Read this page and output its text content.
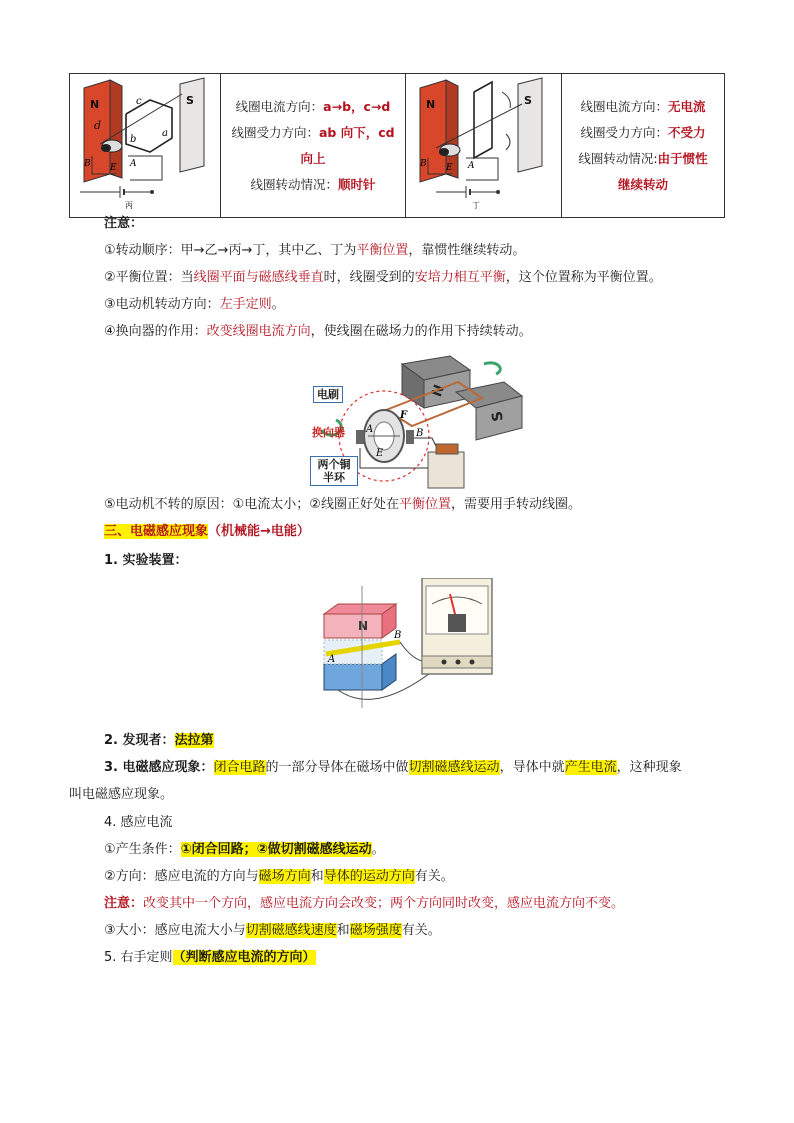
N
d
S
c
a
b
B E A
丙

线圈电流方向：a→b，c→d
线圈受力方向：ab 向下，cd
向上
线圈转动情况：顺时针

N	S
B E A
丁

线圈电流方向：无电流
线圈受力方向：不受力
线圈转动情况:由于惯性
继续转动
注意：
①转动顺序：甲→乙→丙→丁，其中乙、丁为平衡位置，靠惯性继续转动。
②平衡位置：当线圈平面与磁感线垂直时，线圈受到的安培力相互平衡，这个位置称为平衡位置。
③电动机转动方向：左手定则。
④换向器的作用：改变线圈电流方向，使线圈在磁场力的作用下持续转动。
N
S
F
A	B
E
电刷
换向器
两个铜半环
⑤电动机不转的原因：①电流太小；②线圈正好处在平衡位置，需要用手转动线圈。
三、电磁感应现象（机械能→电能）
1. 实验装置：
N
A
B
2. 发现者：法拉第
3. 电磁感应现象：闭合电路的一部分导体在磁场中做切割磁感线运动，导体中就产生电流，这种现象
叫电磁感应现象。
4. 感应电流
①产生条件：①闭合回路；②做切割磁感线运动。
②方向：感应电流的方向与磁场方向和导体的运动方向有关。
注意：改变其中一个方向，感应电流方向会改变；两个方向同时改变，感应电流方向不变。
③大小：感应电流大小与切割磁感线速度和磁场强度有关。
5. 右手定则（判断感应电流的方向）
